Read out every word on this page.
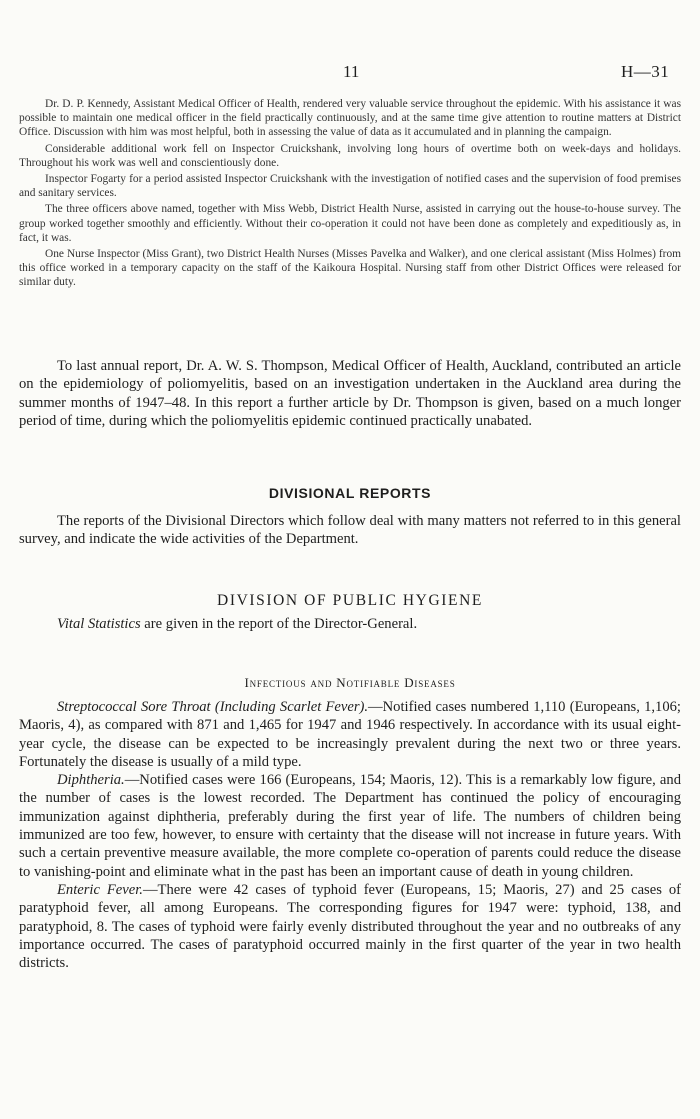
11	H—31

Dr. D. P. Kennedy, Assistant Medical Officer of Health, rendered very valuable service throughout the epidemic. With his assistance it was possible to maintain one medical officer in the field practically continuously, and at the same time give attention to routine matters at District Office. Discussion with him was most helpful, both in assessing the value of data as it accumulated and in planning the campaign.

Considerable additional work fell on Inspector Cruickshank, involving long hours of overtime both on week-days and holidays. Throughout his work was well and conscientiously done.

Inspector Fogarty for a period assisted Inspector Cruickshank with the investigation of notified cases and the supervision of food premises and sanitary services.

The three officers above named, together with Miss Webb, District Health Nurse, assisted in carrying out the house-to-house survey. The group worked together smoothly and efficiently. Without their co-operation it could not have been done as completely and expeditiously as, in fact, it was.

One Nurse Inspector (Miss Grant), two District Health Nurses (Misses Pavelka and Walker), and one clerical assistant (Miss Holmes) from this office worked in a temporary capacity on the staff of the Kaikoura Hospital. Nursing staff from other District Offices were released for similar duty.

To last annual report, Dr. A. W. S. Thompson, Medical Officer of Health, Auckland, contributed an article on the epidemiology of poliomyelitis, based on an investigation undertaken in the Auckland area during the summer months of 1947–48. In this report a further article by Dr. Thompson is given, based on a much longer period of time, during which the poliomyelitis epidemic continued practically unabated.

DIVISIONAL REPORTS

The reports of the Divisional Directors which follow deal with many matters not referred to in this general survey, and indicate the wide activities of the Department.

DIVISION OF PUBLIC HYGIENE

Vital Statistics are given in the report of the Director-General.

Infectious and Notifiable Diseases

Streptococcal Sore Throat (Including Scarlet Fever).—Notified cases numbered 1,110 (Europeans, 1,106; Maoris, 4), as compared with 871 and 1,465 for 1947 and 1946 respectively. In accordance with its usual eight-year cycle, the disease can be expected to be increasingly prevalent during the next two or three years. Fortunately the disease is usually of a mild type.

Diphtheria.—Notified cases were 166 (Europeans, 154; Maoris, 12). This is a remarkably low figure, and the number of cases is the lowest recorded. The Department has continued the policy of encouraging immunization against diphtheria, preferably during the first year of life. The numbers of children being immunized are too few, however, to ensure with certainty that the disease will not increase in future years. With such a certain preventive measure available, the more complete co-operation of parents could reduce the disease to vanishing-point and eliminate what in the past has been an important cause of death in young children.

Enteric Fever.—There were 42 cases of typhoid fever (Europeans, 15; Maoris, 27) and 25 cases of paratyphoid fever, all among Europeans. The corresponding figures for 1947 were: typhoid, 138, and paratyphoid, 8. The cases of typhoid were fairly evenly distributed throughout the year and no outbreaks of any importance occurred. The cases of paratyphoid occurred mainly in the first quarter of the year in two health districts.
